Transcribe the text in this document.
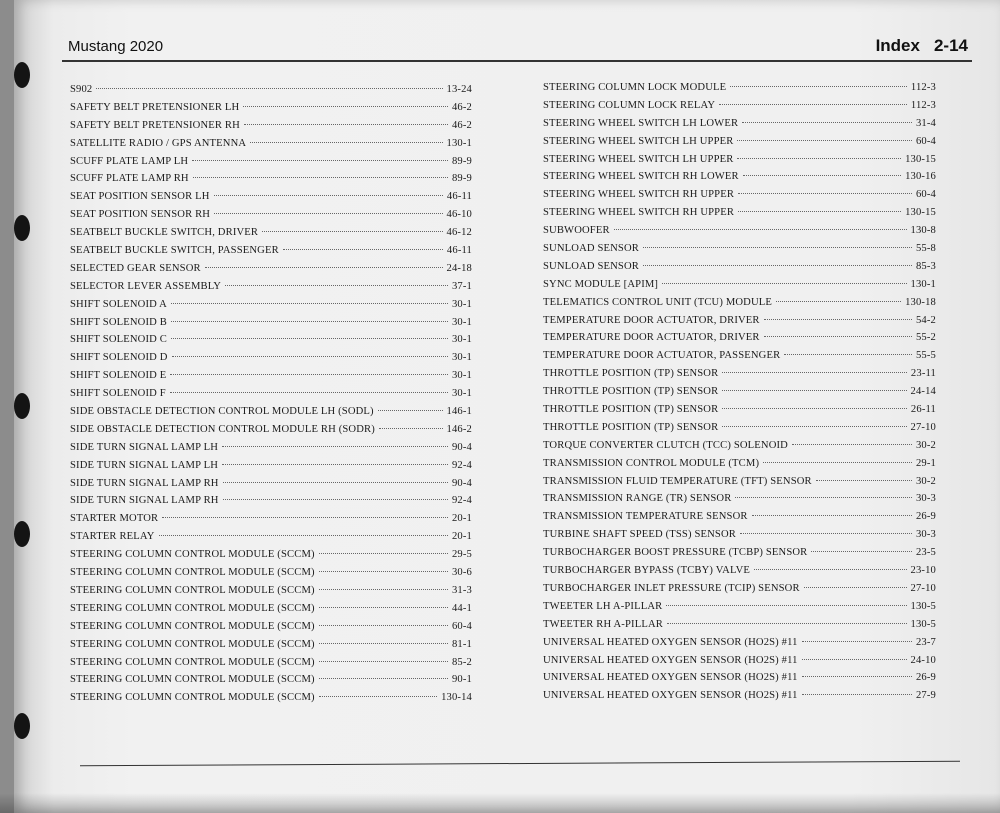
Mustang 2020	Index 2-14
S902	13-24
SAFETY BELT PRETENSIONER LH	46-2
SAFETY BELT PRETENSIONER RH	46-2
SATELLITE RADIO / GPS ANTENNA	130-1
SCUFF PLATE LAMP LH	89-9
SCUFF PLATE LAMP RH	89-9
SEAT POSITION SENSOR LH	46-11
SEAT POSITION SENSOR RH	46-10
SEATBELT BUCKLE SWITCH, DRIVER	46-12
SEATBELT BUCKLE SWITCH, PASSENGER	46-11
SELECTED GEAR SENSOR	24-18
SELECTOR LEVER ASSEMBLY	37-1
SHIFT SOLENOID A	30-1
SHIFT SOLENOID B	30-1
SHIFT SOLENOID C	30-1
SHIFT SOLENOID D	30-1
SHIFT SOLENOID E	30-1
SHIFT SOLENOID F	30-1
SIDE OBSTACLE DETECTION CONTROL MODULE LH (SODL)	146-1
SIDE OBSTACLE DETECTION CONTROL MODULE RH (SODR)	146-2
SIDE TURN SIGNAL LAMP LH	90-4
SIDE TURN SIGNAL LAMP LH	92-4
SIDE TURN SIGNAL LAMP RH	90-4
SIDE TURN SIGNAL LAMP RH	92-4
STARTER MOTOR	20-1
STARTER RELAY	20-1
STEERING COLUMN CONTROL MODULE (SCCM)	29-5
STEERING COLUMN CONTROL MODULE (SCCM)	30-6
STEERING COLUMN CONTROL MODULE (SCCM)	31-3
STEERING COLUMN CONTROL MODULE (SCCM)	44-1
STEERING COLUMN CONTROL MODULE (SCCM)	60-4
STEERING COLUMN CONTROL MODULE (SCCM)	81-1
STEERING COLUMN CONTROL MODULE (SCCM)	85-2
STEERING COLUMN CONTROL MODULE (SCCM)	90-1
STEERING COLUMN CONTROL MODULE (SCCM)	130-14
STEERING COLUMN LOCK MODULE	112-3
STEERING COLUMN LOCK RELAY	112-3
STEERING WHEEL SWITCH LH LOWER	31-4
STEERING WHEEL SWITCH LH UPPER	60-4
STEERING WHEEL SWITCH LH UPPER	130-15
STEERING WHEEL SWITCH RH LOWER	130-16
STEERING WHEEL SWITCH RH UPPER	60-4
STEERING WHEEL SWITCH RH UPPER	130-15
SUBWOOFER	130-8
SUNLOAD SENSOR	55-8
SUNLOAD SENSOR	85-3
SYNC MODULE [APIM]	130-1
TELEMATICS CONTROL UNIT (TCU) MODULE	130-18
TEMPERATURE DOOR ACTUATOR, DRIVER	54-2
TEMPERATURE DOOR ACTUATOR, DRIVER	55-2
TEMPERATURE DOOR ACTUATOR, PASSENGER	55-5
THROTTLE POSITION (TP) SENSOR	23-11
THROTTLE POSITION (TP) SENSOR	24-14
THROTTLE POSITION (TP) SENSOR	26-11
THROTTLE POSITION (TP) SENSOR	27-10
TORQUE CONVERTER CLUTCH (TCC) SOLENOID	30-2
TRANSMISSION CONTROL MODULE (TCM)	29-1
TRANSMISSION FLUID TEMPERATURE (TFT) SENSOR	30-2
TRANSMISSION RANGE (TR) SENSOR	30-3
TRANSMISSION TEMPERATURE SENSOR	26-9
TURBINE SHAFT SPEED (TSS) SENSOR	30-3
TURBOCHARGER BOOST PRESSURE (TCBP) SENSOR	23-5
TURBOCHARGER BYPASS (TCBY) VALVE	23-10
TURBOCHARGER INLET PRESSURE (TCIP) SENSOR	27-10
TWEETER LH A-PILLAR	130-5
TWEETER RH A-PILLAR	130-5
UNIVERSAL HEATED OXYGEN SENSOR (HO2S) #11	23-7
UNIVERSAL HEATED OXYGEN SENSOR (HO2S) #11	24-10
UNIVERSAL HEATED OXYGEN SENSOR (HO2S) #11	26-9
UNIVERSAL HEATED OXYGEN SENSOR (HO2S) #11	27-9
